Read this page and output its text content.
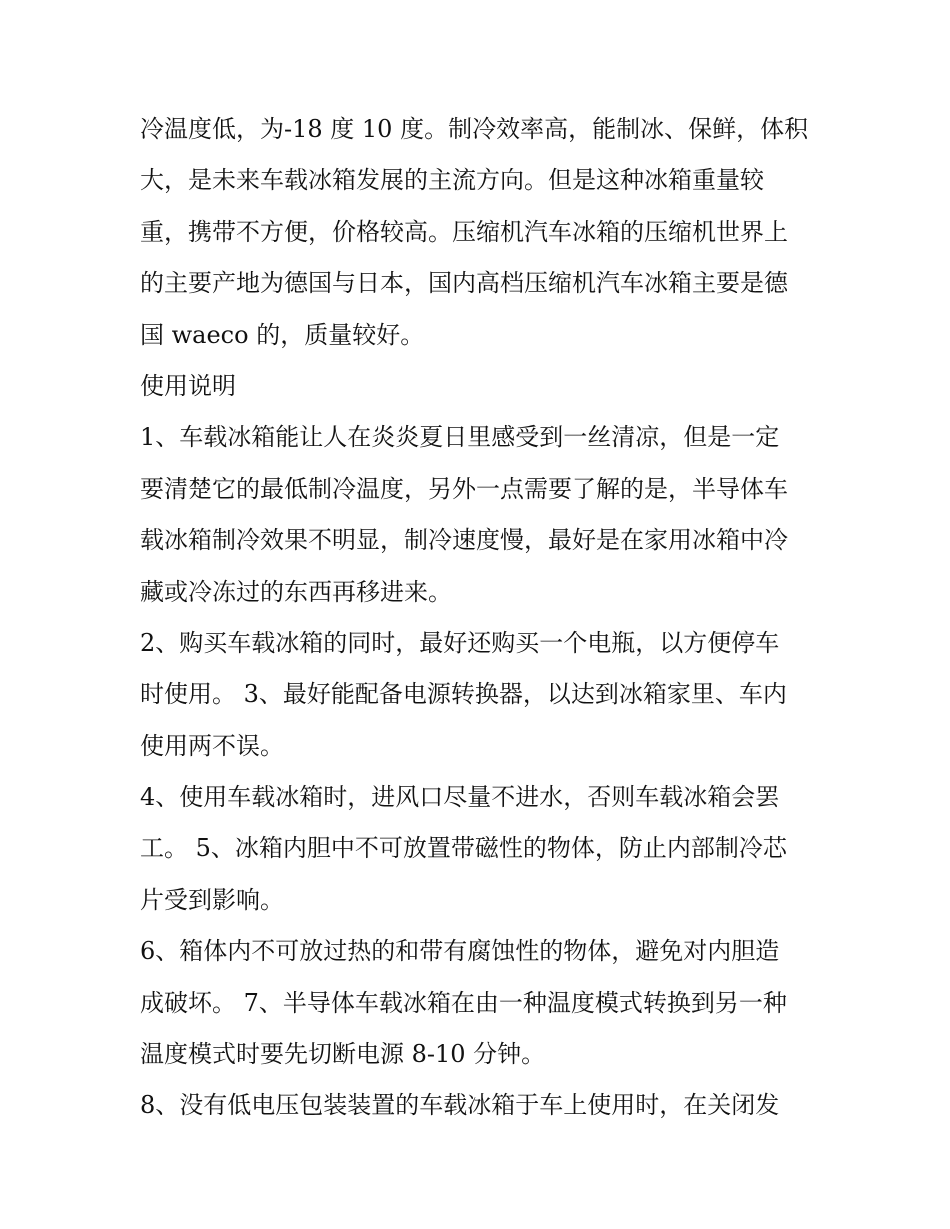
冷温度低，为-18 度 10 度。制冷效率高，能制冰、保鲜，体积
大，是未来车载冰箱发展的主流方向。但是这种冰箱重量较
重，携带不方便，价格较高。压缩机汽车冰箱的压缩机世界上
的主要产地为德国与日本，国内高档压缩机汽车冰箱主要是德
国 waeco 的，质量较好。
使用说明
1、车载冰箱能让人在炎炎夏日里感受到一丝清凉，但是一定
要清楚它的最低制冷温度，另外一点需要了解的是，半导体车
载冰箱制冷效果不明显，制冷速度慢，最好是在家用冰箱中冷
藏或冷冻过的东西再移进来。
2、购买车载冰箱的同时，最好还购买一个电瓶，以方便停车
时使用。 3、最好能配备电源转换器，以达到冰箱家里、车内
使用两不误。
4、使用车载冰箱时，进风口尽量不进水，否则车载冰箱会罢
工。 5、冰箱内胆中不可放置带磁性的物体，防止内部制冷芯
片受到影响。
6、箱体内不可放过热的和带有腐蚀性的物体，避免对内胆造
成破坏。 7、半导体车载冰箱在由一种温度模式转换到另一种
温度模式时要先切断电源 8-10 分钟。
8、没有低电压包装装置的车载冰箱于车上使用时，在关闭发
